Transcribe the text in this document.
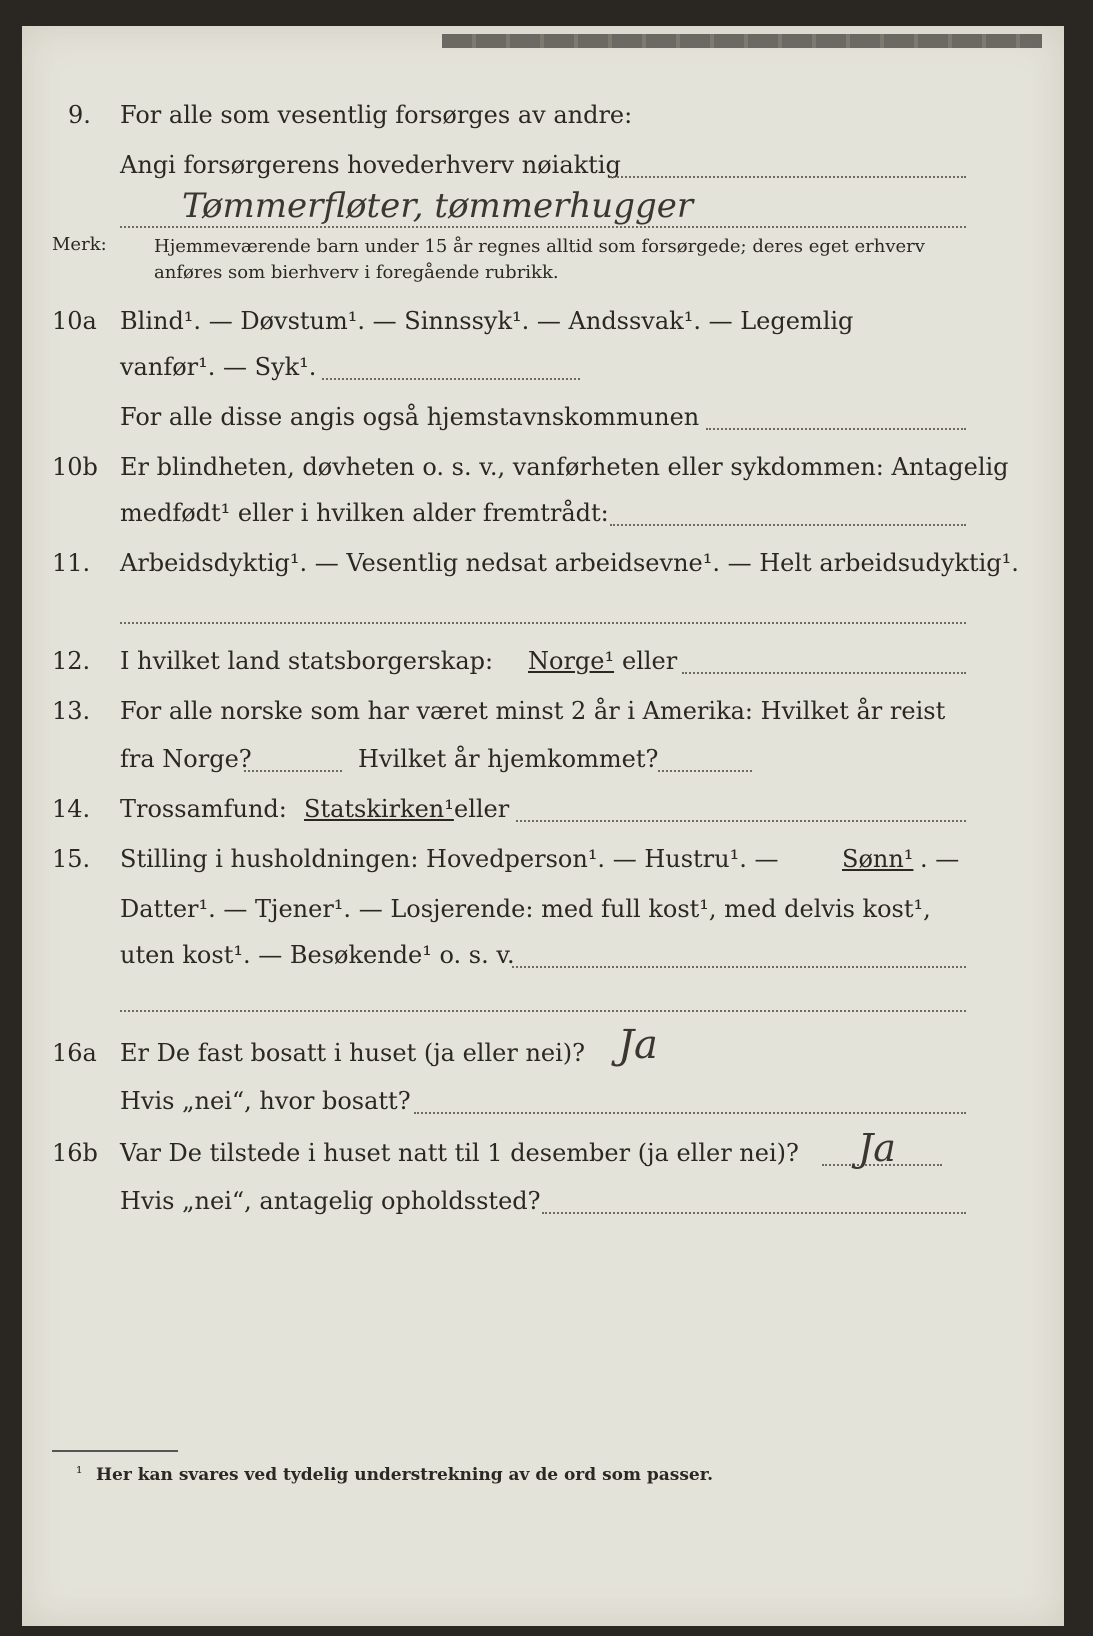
9. For alle som vesentlig forsørges av andre:
Angi forsørgerens hovederhverv nøiaktig
Tømmerfløter, tømmerhugger
Merk:	Hjemmeværende barn under 15 år regnes alltid som forsørgede; deres eget erhverv
anføres som bierhverv i foregående rubrikk.
10a Blind¹. — Døvstum¹. — Sinnssyk¹. — Andssvak¹. — Legemlig
vanfør¹. — Syk¹.
For alle disse angis også hjemstavnskommunen
10b Er blindheten, døvheten o. s. v., vanførheten eller sykdommen: Antagelig
medfødt¹ eller i hvilken alder fremtrådt:
11. Arbeidsdyktig¹. — Vesentlig nedsat arbeidsevne¹. — Helt arbeidsudyktig¹.
12. I hvilket land statsborgerskap: Norge¹ eller
13. For alle norske som har været minst 2 år i Amerika: Hvilket år reist
fra Norge?	Hvilket år hjemkommet?
14. Trossamfund: Statskirken¹ eller
15. Stilling i husholdningen: Hovedperson¹. — Hustru¹. —	Sønn¹ . —
Datter¹. — Tjener¹. — Losjerende: med full kost¹, med delvis kost¹,
uten kost¹. — Besøkende¹ o. s. v.
16a Er De fast bosatt i huset (ja eller nei)? Ja
Hvis „nei“, hvor bosatt?
16b Var De tilstede i huset natt til 1 desember (ja eller nei)? Ja
Hvis „nei“, antagelig opholdssted?
¹ Her kan svares ved tydelig understrekning av de ord som passer.
